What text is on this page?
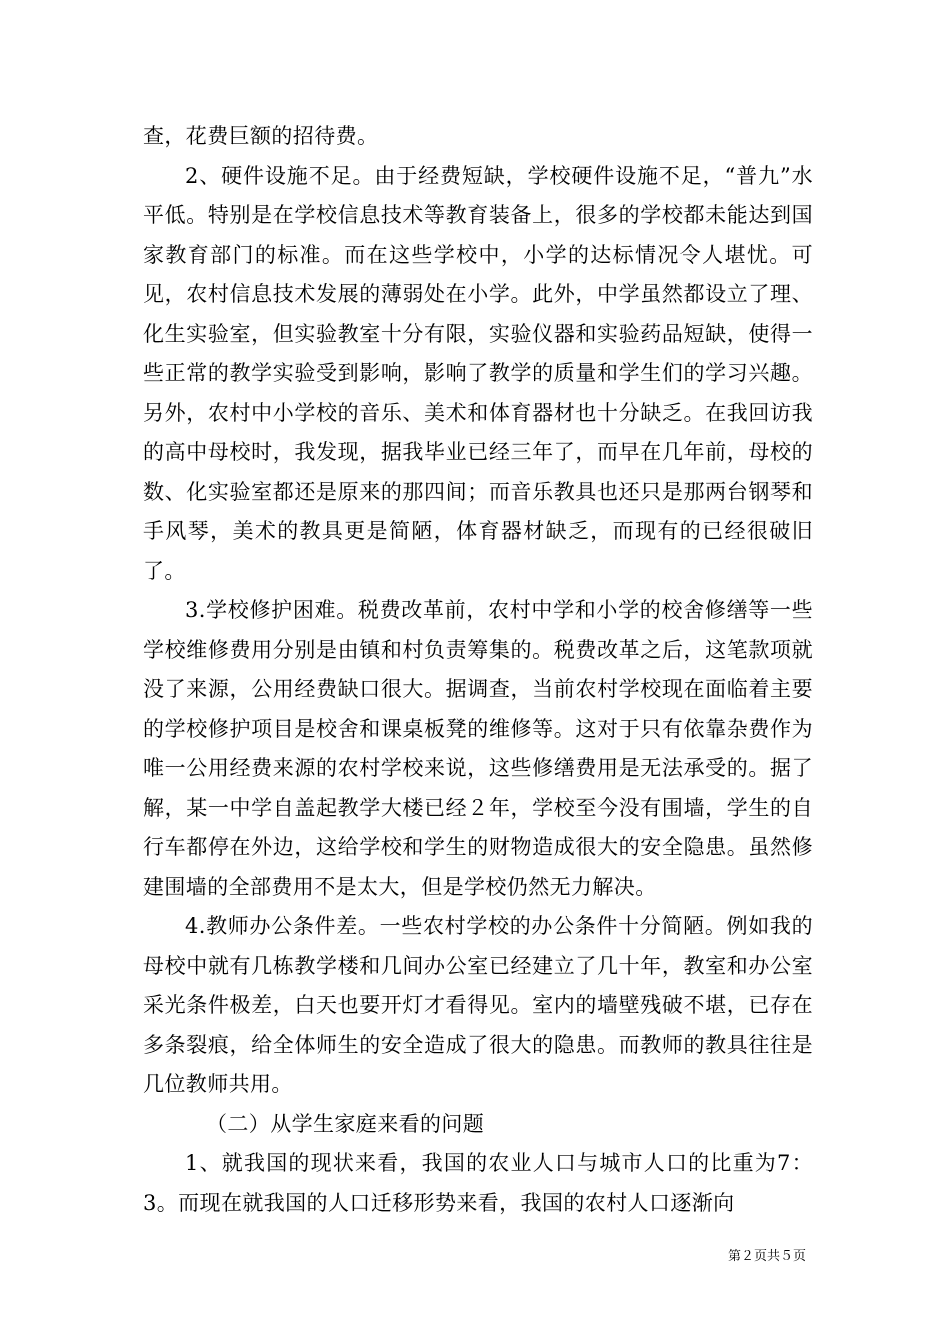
查，花费巨额的招待费。

2、硬件设施不足。由于经费短缺，学校硬件设施不足，“普九”水平低。特别是在学校信息技术等教育装备上，很多的学校都未能达到国家教育部门的标准。而在这些学校中，小学的达标情况令人堪忧。可见，农村信息技术发展的薄弱处在小学。此外，中学虽然都设立了理、化生实验室，但实验教室十分有限，实验仪器和实验药品短缺，使得一些正常的教学实验受到影响，影响了教学的质量和学生们的学习兴趣。另外，农村中小学校的音乐、美术和体育器材也十分缺乏。在我回访我的高中母校时，我发现，据我毕业已经三年了，而早在几年前，母校的数、化实验室都还是原来的那四间；而音乐教具也还只是那两台钢琴和手风琴，美术的教具更是简陋，体育器材缺乏，而现有的已经很破旧了。

3.学校修护困难。税费改革前，农村中学和小学的校舍修缮等一些学校维修费用分别是由镇和村负责筹集的。税费改革之后，这笔款项就没了来源，公用经费缺口很大。据调查，当前农村学校现在面临着主要的学校修护项目是校舍和课桌板凳的维修等。这对于只有依靠杂费作为唯一公用经费来源的农村学校来说，这些修缮费用是无法承受的。据了解，某一中学自盖起教学大楼已经２年，学校至今没有围墙，学生的自行车都停在外边，这给学校和学生的财物造成很大的安全隐患。虽然修建围墙的全部费用不是太大，但是学校仍然无力解决。

4.教师办公条件差。一些农村学校的办公条件十分简陋。例如我的母校中就有几栋教学楼和几间办公室已经建立了几十年，教室和办公室采光条件极差，白天也要开灯才看得见。室内的墙壁残破不堪，已存在多条裂痕，给全体师生的安全造成了很大的隐患。而教师的教具往往是几位教师共用。

（二）从学生家庭来看的问题

1、就我国的现状来看，我国的农业人口与城市人口的比重为7：3。而现在就我国的人口迁移形势来看，我国的农村人口逐渐向

第２页共５页
